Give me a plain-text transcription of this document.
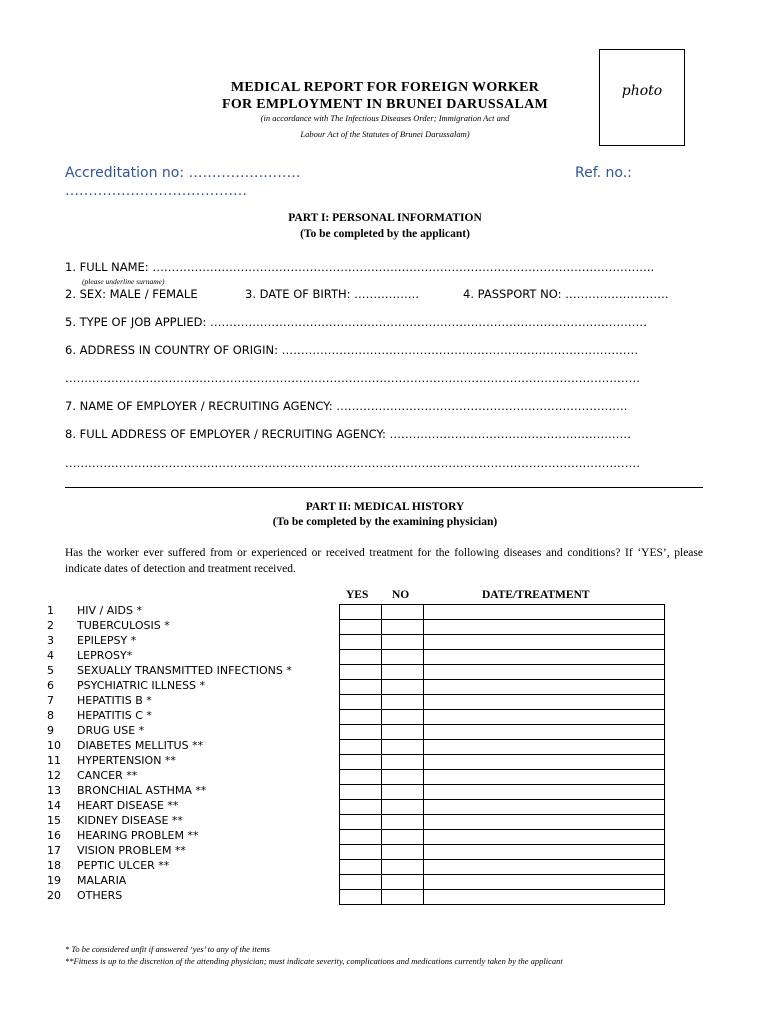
photo
MEDICAL REPORT FOR FOREIGN WORKER
FOR EMPLOYMENT IN BRUNEI DARUSSALAM
(in accordance with The Infectious Diseases Order; Immigration Act and
Labour Act of the Statutes of Brunei Darussalam)
Accreditation no: ……………………	Ref. no.:
…………………………………
PART I: PERSONAL INFORMATION
(To be completed by the applicant)
1. FULL NAME: …………………………………………………………………………………………………………………..
(please underline surname)
2. SEX: MALE / FEMALE	3. DATE OF BIRTH: ……………..	4. PASSPORT NO: ………………………
5. TYPE OF JOB APPLIED: ……………………………………………………………………………………………………
6. ADDRESS IN COUNTRY OF ORIGIN: …………………………………………………………………………………
……………………………………………………………………………………………………………………………………
7. NAME OF EMPLOYER / RECRUITING AGENCY: ………………………………………………………………….
8. FULL ADDRESS OF EMPLOYER / RECRUITING AGENCY: ………………………………………………………
……………………………………………………………………………………………………………………………………
PART II: MEDICAL HISTORY
(To be completed by the examining physician)
Has the worker ever suffered from or experienced or received treatment for the following diseases and conditions? If ‘YES’, please indicate dates of detection and treatment received.
YES NO	DATE/TREATMENT
1	HIV / AIDS *
2	TUBERCULOSIS *
3	EPILEPSY *
4	LEPROSY*
5	SEXUALLY TRANSMITTED INFECTIONS *
6	PSYCHIATRIC ILLNESS *
7	HEPATITIS B *
8	HEPATITIS C *
9	DRUG USE *
10	DIABETES MELLITUS **
11	HYPERTENSION **
12	CANCER **
13	BRONCHIAL ASTHMA **
14	HEART DISEASE **
15	KIDNEY DISEASE **
16	HEARING PROBLEM **
17	VISION PROBLEM **
18	PEPTIC ULCER **
19	MALARIA
20	OTHERS

* To be considered unfit if answered ‘yes’ to any of the items
**Fitness is up to the discretion of the attending physician; must indicate severity, complications and medications currently taken by the applicant
